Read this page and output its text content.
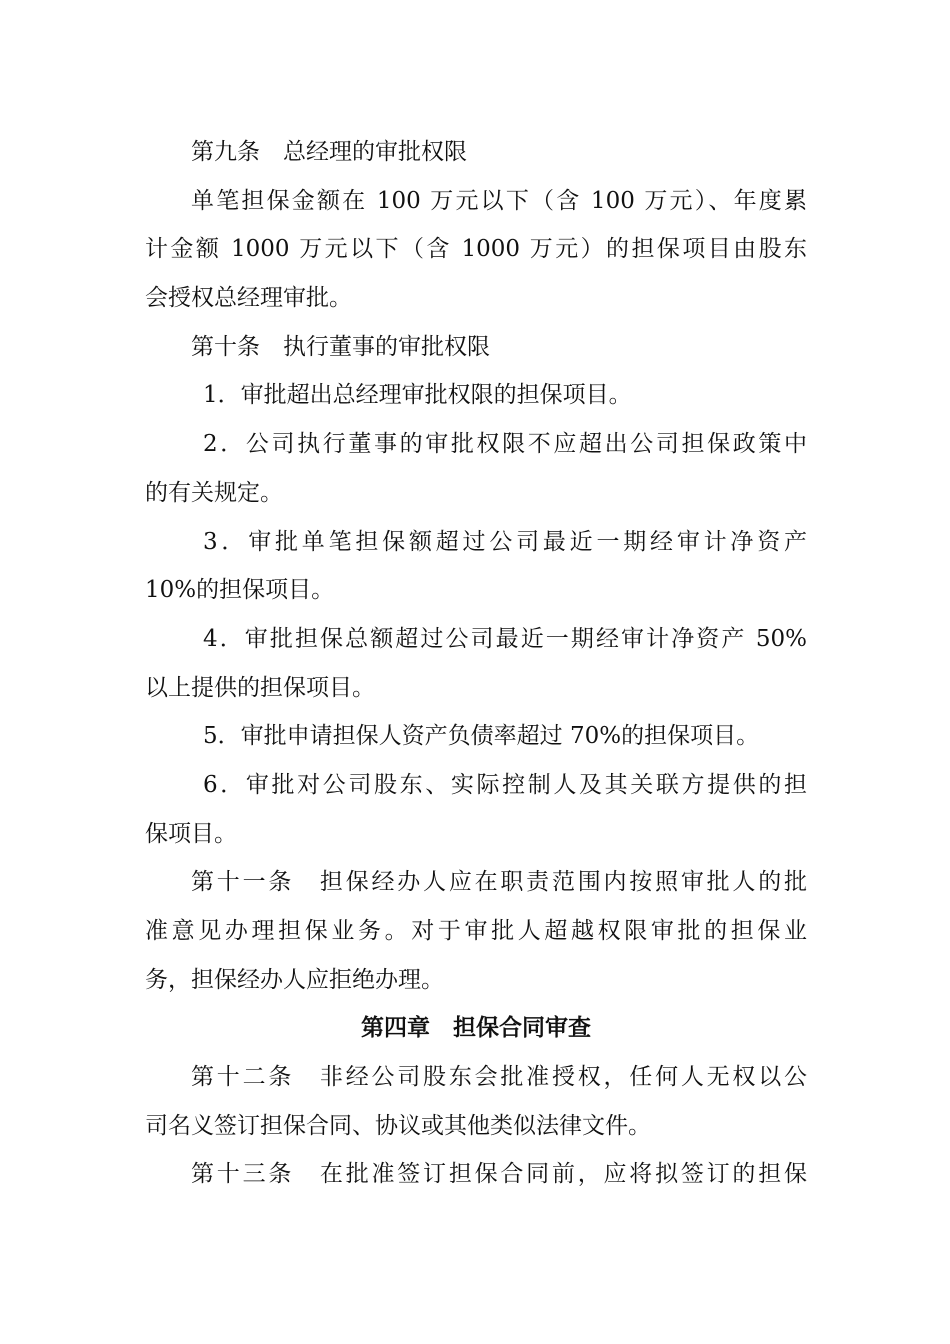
第九条　总经理的审批权限
单笔担保金额在 100 万元以下（含 100 万元）、年度累
计金额 1000 万元以下（含 1000 万元）的担保项目由股东
会授权总经理审批。
第十条　执行董事的审批权限
1．审批超出总经理审批权限的担保项目。
2．公司执行董事的审批权限不应超出公司担保政策中
的有关规定。
3．审批单笔担保额超过公司最近一期经审计净资产
10%的担保项目。
4．审批担保总额超过公司最近一期经审计净资产 50%
以上提供的担保项目。
5．审批申请担保人资产负债率超过 70%的担保项目。
6．审批对公司股东、实际控制人及其关联方提供的担
保项目。
第十一条　担保经办人应在职责范围内按照审批人的批
准意见办理担保业务。对于审批人超越权限审批的担保业
务，担保经办人应拒绝办理。
第四章　担保合同审查
第十二条　非经公司股东会批准授权，任何人无权以公
司名义签订担保合同、协议或其他类似法律文件。
第十三条　在批准签订担保合同前，应将拟签订的担保
